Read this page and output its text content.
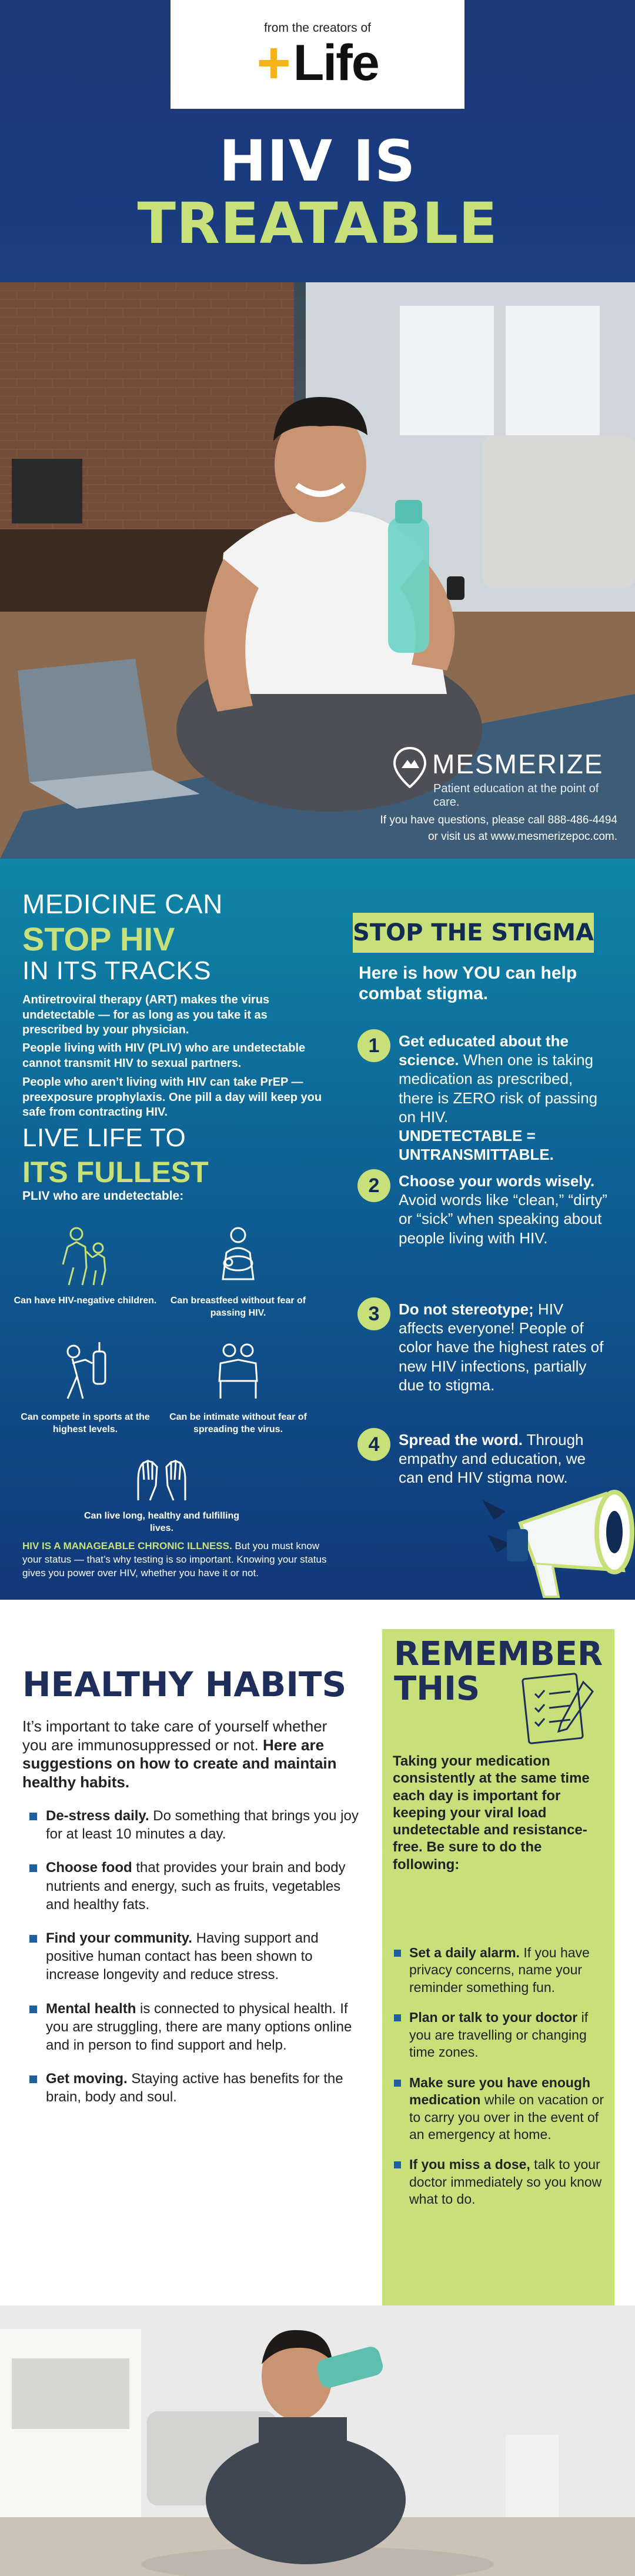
from the creators of
+ Life
HIV IS
TREATABLE
MESMERIZE
Patient education at the point of care.
If you have questions, please call 888-486-4494
or visit us at www.mesmerizepoc.com.
MEDICINE CAN
STOP HIV
IN ITS TRACKS
Antiretroviral therapy (ART) makes the virus undetectable — for as long as you take it as prescribed by your physician.
People living with HIV (PLIV) who are undetectable cannot transmit HIV to sexual partners.
People who aren’t living with HIV can take PrEP — preexposure prophylaxis. One pill a day will keep you safe from contracting HIV.
LIVE LIFE TO
ITS FULLEST
PLIV who are undetectable:
Can have HIV-negative children.	Can breastfeed without fear of passing HIV.
Can compete in sports at the highest levels.
Can be intimate without fear of spreading the virus.
Can live long, healthy and fulfilling lives.
HIV IS A MANAGEABLE CHRONIC ILLNESS. But you must know your status — that’s why testing is so important. Knowing your status gives you power over HIV, whether you have it or not.
STOP THE STIGMA
Here is how YOU can help combat stigma.
1	Get educated about the science. When one is taking medication as prescribed, there is ZERO risk of passing on HIV.
UNDETECTABLE = UNTRANSMITTABLE.
2	Choose your words wisely. Avoid words like “clean,” “dirty” or “sick” when speaking about people living with HIV.
3	Do not stereotype; HIV affects everyone! People of color have the highest rates of new HIV infections, partially due to stigma.
4	Spread the word. Through empathy and education, we can end HIV stigma now.
HEALTHY HABITS
It’s important to take care of yourself whether you are immunosuppressed or not. Here are suggestions on how to create and maintain healthy habits.
De-stress daily. Do something that brings you joy for at least 10 minutes a day.
Choose food that provides your brain and body nutrients and energy, such as fruits, vegetables and healthy fats.
Find your community. Having support and positive human contact has been shown to increase longevity and reduce stress.
Mental health is connected to physical health. If you are struggling, there are many options online and in person to find support and help.
Get moving. Staying active has benefits for the brain, body and soul.
REMEMBER
THIS
Taking your medication consistently at the same time each day is important for keeping your viral load undetectable and resistance-free. Be sure to do the following:
Set a daily alarm. If you have privacy concerns, name your reminder something fun.
Plan or talk to your doctor if you are travelling or changing time zones.
Make sure you have enough medication while on vacation or to carry you over in the event of an emergency at home.
If you miss a dose, talk to your doctor immediately so you know what to do.
